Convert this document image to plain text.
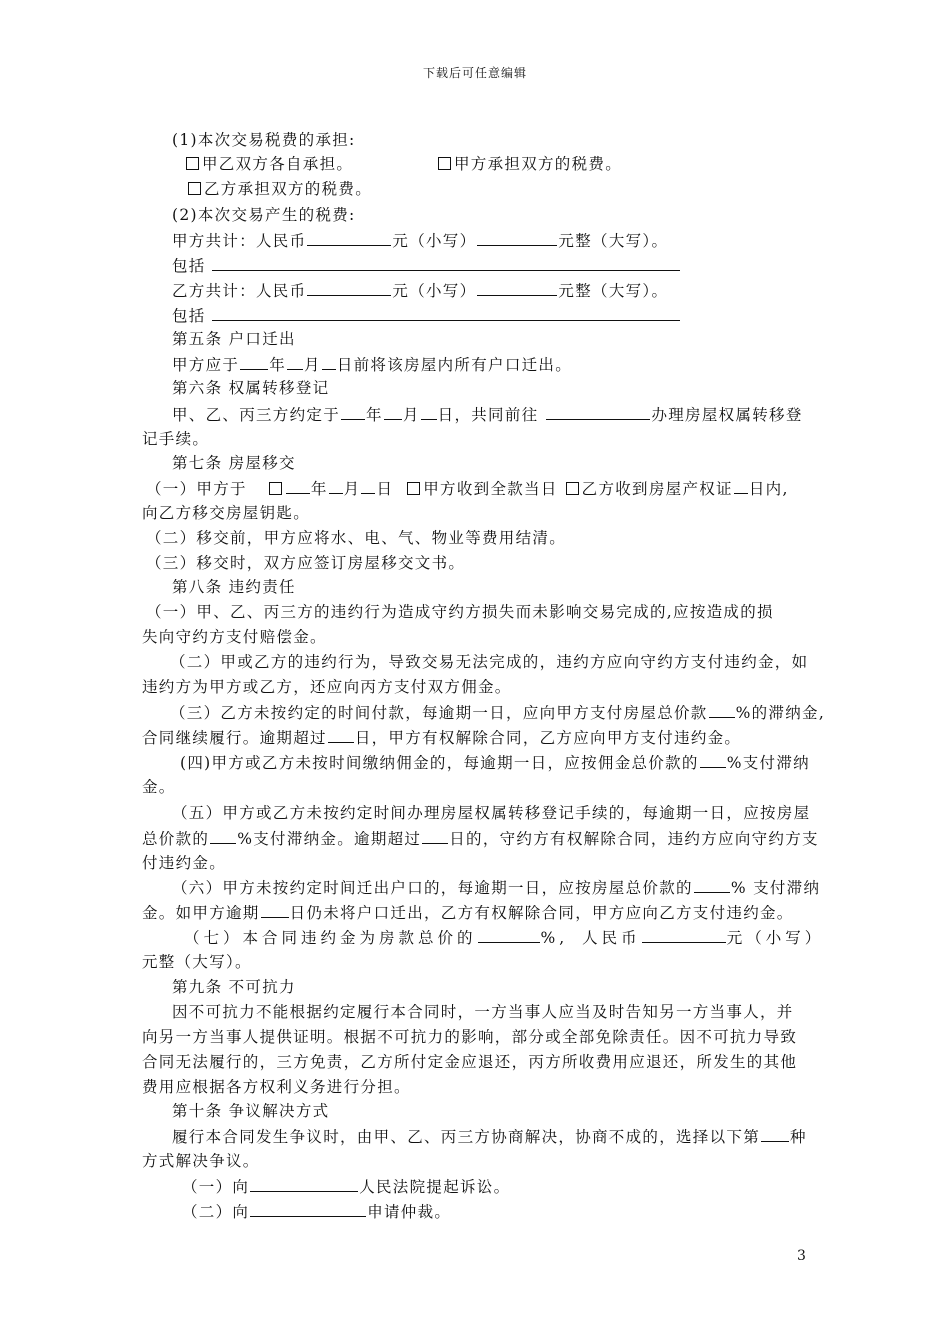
下载后可任意编辑
(1)本次交易税费的承担:
甲乙双方各自承担。	甲方承担双方的税费。
乙方承担双方的税费。
(2)本次交易产生的税费:
甲方共计：人民币	元（小写）	元整（大写）。
包括
乙方共计：人民币	元（小写）	元整（大写）。
包括
第五条 户口迁出
甲方应于 年 月 日前将该房屋内所有户口迁出。
第六条 权属转移登记
甲、乙、丙三方约定于 年 月 日，共同前往	办理房屋权属转移登
记手续。
第七条 房屋移交
（一）甲方于	年 月 日 甲方收到全款当日 乙方收到房屋产权证 日内,
向乙方移交房屋钥匙。
（二）移交前，甲方应将水、电、气、物业等费用结清。
（三）移交时，双方应签订房屋移交文书。
第八条 违约责任
（一）甲、乙、丙三方的违约行为造成守约方损失而未影响交易完成的,应按造成的损
失向守约方支付赔偿金。
（二）甲或乙方的违约行为，导致交易无法完成的，违约方应向守约方支付违约金，如
违约方为甲方或乙方，还应向丙方支付双方佣金。
（三）乙方未按约定的时间付款，每逾期一日，应向甲方支付房屋总价款 %的滞纳金,
合同继续履行。逾期超过 日，甲方有权解除合同，乙方应向甲方支付违约金。
(四)甲方或乙方未按时间缴纳佣金的，每逾期一日，应按佣金总价款的 %支付滞纳
金。
（五）甲方或乙方未按约定时间办理房屋权属转移登记手续的，每逾期一日，应按房屋
总价款的 %支付滞纳金。逾期超过 日的，守约方有权解除合同，违约方应向守约方支
付违约金。
（六）甲方未按约定时间迁出户口的，每逾期一日，应按房屋总价款的 % 支付滞纳
金。如甲方逾期 日仍未将户口迁出，乙方有权解除合同，甲方应向乙方支付违约金。
（七）本合同违约金为房款总价的	%, 人民币	元（小写）
元整（大写）。
第九条 不可抗力
因不可抗力不能根据约定履行本合同时，一方当事人应当及时告知另一方当事人，并
向另一方当事人提供证明。根据不可抗力的影响，部分或全部免除责任。因不可抗力导致
合同无法履行的，三方免责，乙方所付定金应退还，丙方所收费用应退还，所发生的其他
费用应根据各方权利义务进行分担。
第十条 争议解决方式
履行本合同发生争议时，由甲、乙、丙三方协商解决，协商不成的，选择以下第 种
方式解决争议。
（一）向	人民法院提起诉讼。
（二）向	申请仲裁。
3
